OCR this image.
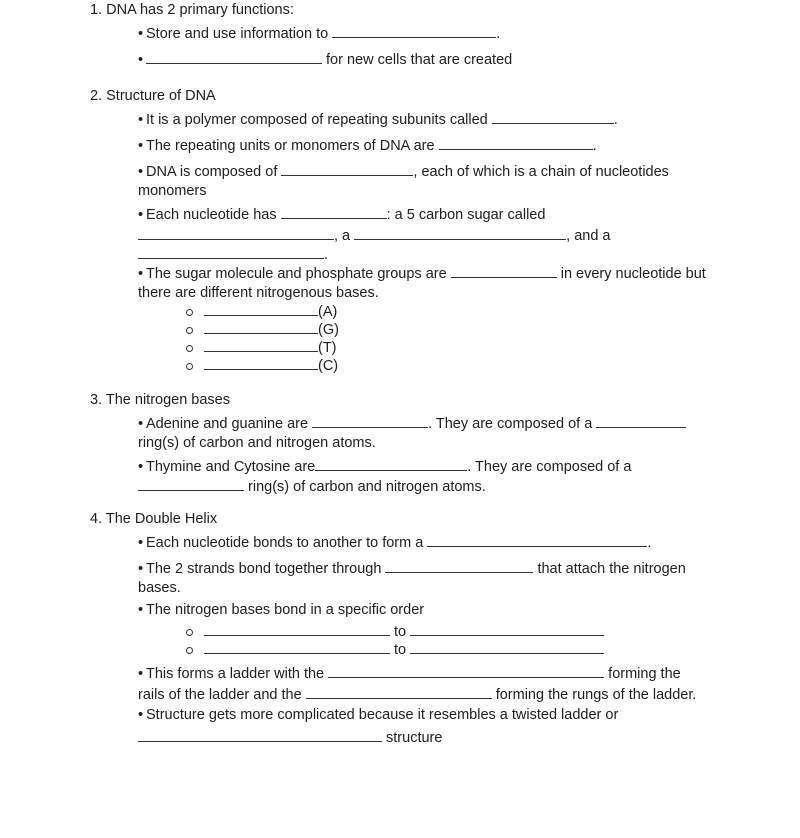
1. DNA has 2 primary functions:
• Store and use information to	.
•	for new cells that are created
2. Structure of DNA
• It is a polymer composed of repeating subunits called	.
• The repeating units or monomers of DNA are	.
• DNA is composed of	, each of which is a chain of nucleotides
monomers
• Each nucleotide has	: a 5 carbon sugar called
, a	, and a
.
• The sugar molecule and phosphate groups are	in every nucleotide but
there are different nitrogenous bases.
(A)
(G)
(T)
(C)
3. The nitrogen bases
• Adenine and guanine are	. They are composed of a
ring(s) of carbon and nitrogen atoms.
• Thymine and Cytosine are	. They are composed of a
ring(s) of carbon and nitrogen atoms.
4. The Double Helix
• Each nucleotide bonds to another to form a	.
• The 2 strands bond together through	that attach the nitrogen
bases.
• The nitrogen bases bond in a specific order
to
to
• This forms a ladder with the	forming the
rails of the ladder and the	forming the rungs of the ladder.
• Structure gets more complicated because it resembles a twisted ladder or
structure
